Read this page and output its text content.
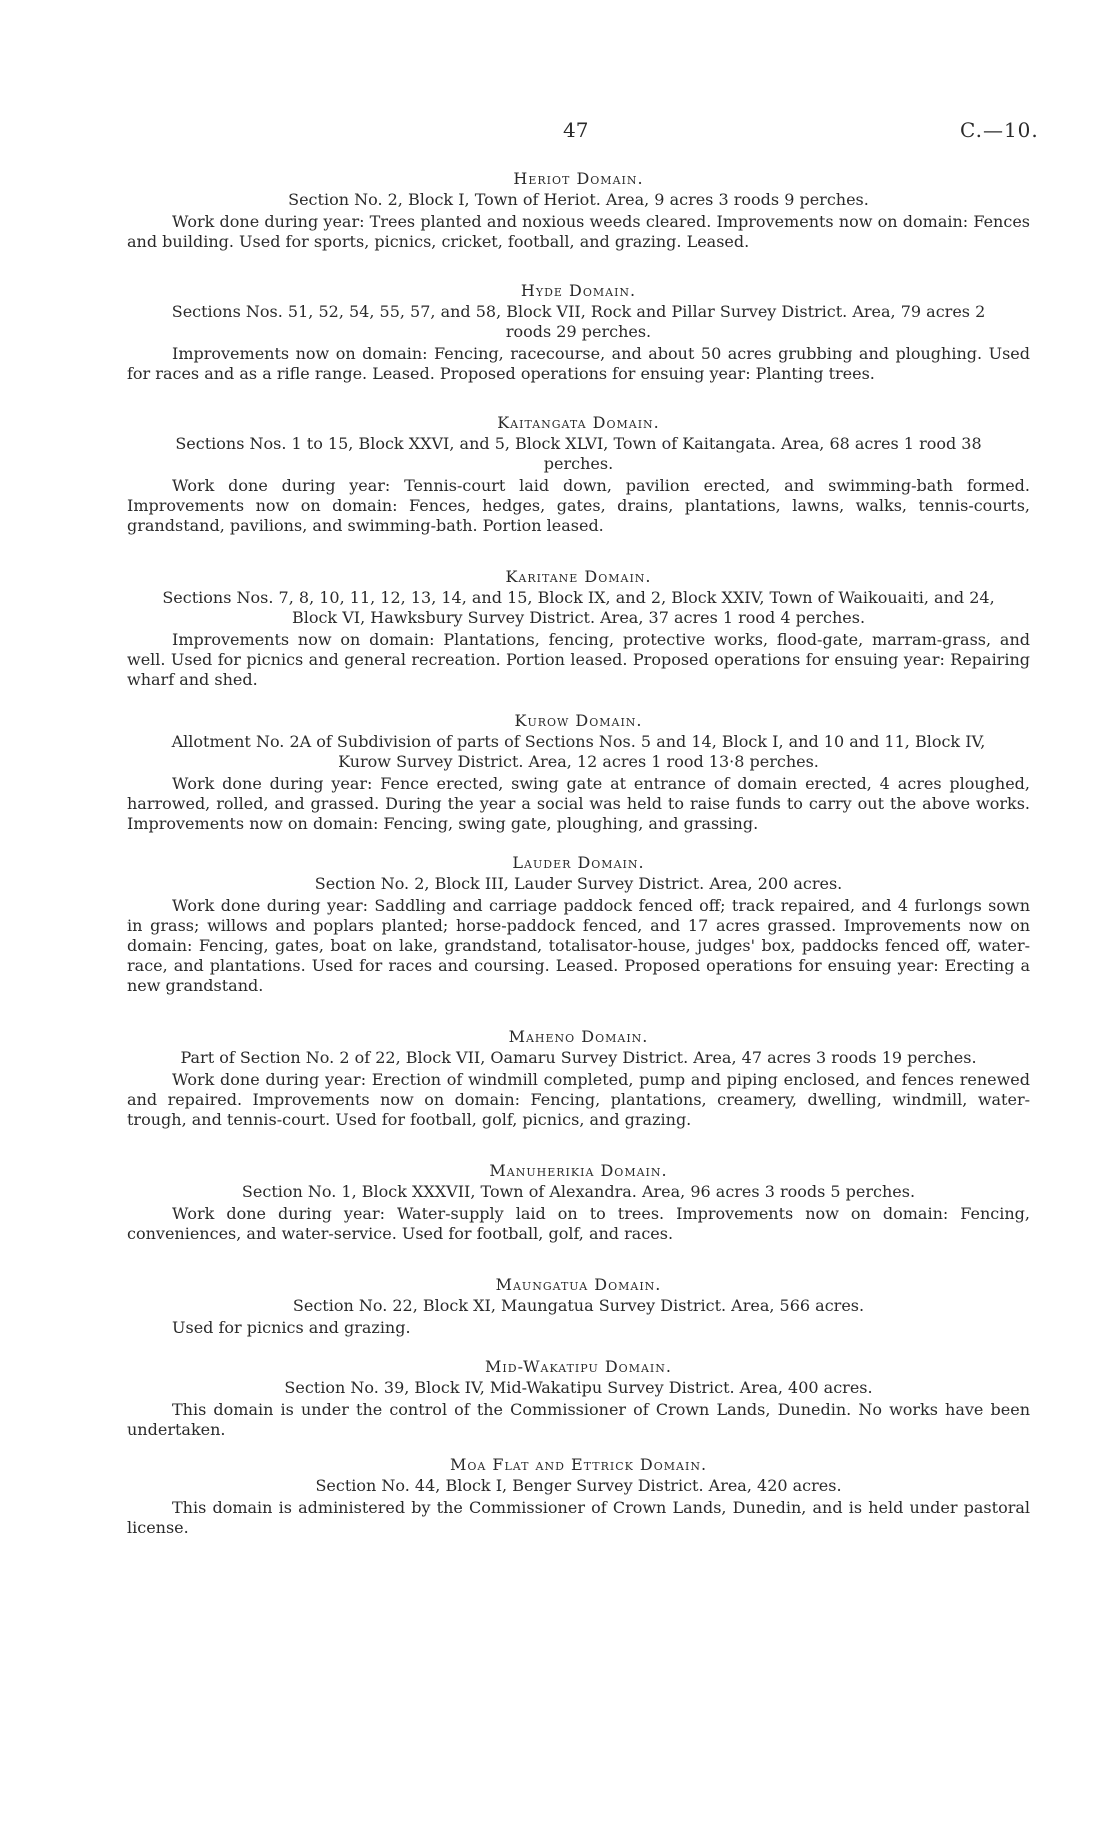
47	C.—10.

Heriot Domain.

Section No. 2, Block I, Town of Heriot. Area, 9 acres 3 roods 9 perches.

Work done during year: Trees planted and noxious weeds cleared. Improvements now on domain: Fences and building. Used for sports, picnics, cricket, football, and grazing. Leased.

Hyde Domain.

Sections Nos. 51, 52, 54, 55, 57, and 58, Block VII, Rock and Pillar Survey District. Area, 79 acres 2 roods 29 perches.

Improvements now on domain: Fencing, racecourse, and about 50 acres grubbing and ploughing. Used for races and as a rifle range. Leased. Proposed operations for ensuing year: Planting trees.

Kaitangata Domain.

Sections Nos. 1 to 15, Block XXVI, and 5, Block XLVI, Town of Kaitangata. Area, 68 acres 1 rood 38 perches.

Work done during year: Tennis-court laid down, pavilion erected, and swimming-bath formed. Improvements now on domain: Fences, hedges, gates, drains, plantations, lawns, walks, tennis-courts, grandstand, pavilions, and swimming-bath. Portion leased.

Karitane Domain.

Sections Nos. 7, 8, 10, 11, 12, 13, 14, and 15, Block IX, and 2, Block XXIV, Town of Waikouaiti, and 24, Block VI, Hawksbury Survey District. Area, 37 acres 1 rood 4 perches.

Improvements now on domain: Plantations, fencing, protective works, flood-gate, marram-grass, and well. Used for picnics and general recreation. Portion leased. Proposed operations for ensuing year: Repairing wharf and shed.

Kurow Domain.

Allotment No. 2A of Subdivision of parts of Sections Nos. 5 and 14, Block I, and 10 and 11, Block IV, Kurow Survey District. Area, 12 acres 1 rood 13·8 perches.

Work done during year: Fence erected, swing gate at entrance of domain erected, 4 acres ploughed, harrowed, rolled, and grassed. During the year a social was held to raise funds to carry out the above works. Improvements now on domain: Fencing, swing gate, ploughing, and grassing.

Lauder Domain.

Section No. 2, Block III, Lauder Survey District. Area, 200 acres.

Work done during year: Saddling and carriage paddock fenced off; track repaired, and 4 furlongs sown in grass; willows and poplars planted; horse-paddock fenced, and 17 acres grassed. Improvements now on domain: Fencing, gates, boat on lake, grandstand, totalisator-house, judges' box, paddocks fenced off, water-race, and plantations. Used for races and coursing. Leased. Proposed operations for ensuing year: Erecting a new grandstand.

Maheno Domain.

Part of Section No. 2 of 22, Block VII, Oamaru Survey District. Area, 47 acres 3 roods 19 perches.

Work done during year: Erection of windmill completed, pump and piping enclosed, and fences renewed and repaired. Improvements now on domain: Fencing, plantations, creamery, dwelling, windmill, water-trough, and tennis-court. Used for football, golf, picnics, and grazing.

Manuherikia Domain.

Section No. 1, Block XXXVII, Town of Alexandra. Area, 96 acres 3 roods 5 perches.

Work done during year: Water-supply laid on to trees. Improvements now on domain: Fencing, conveniences, and water-service. Used for football, golf, and races.

Maungatua Domain.

Section No. 22, Block XI, Maungatua Survey District. Area, 566 acres.

Used for picnics and grazing.

Mid-Wakatipu Domain.

Section No. 39, Block IV, Mid-Wakatipu Survey District. Area, 400 acres.

This domain is under the control of the Commissioner of Crown Lands, Dunedin. No works have been undertaken.

Moa Flat and Ettrick Domain.

Section No. 44, Block I, Benger Survey District. Area, 420 acres.

This domain is administered by the Commissioner of Crown Lands, Dunedin, and is held under pastoral license.
